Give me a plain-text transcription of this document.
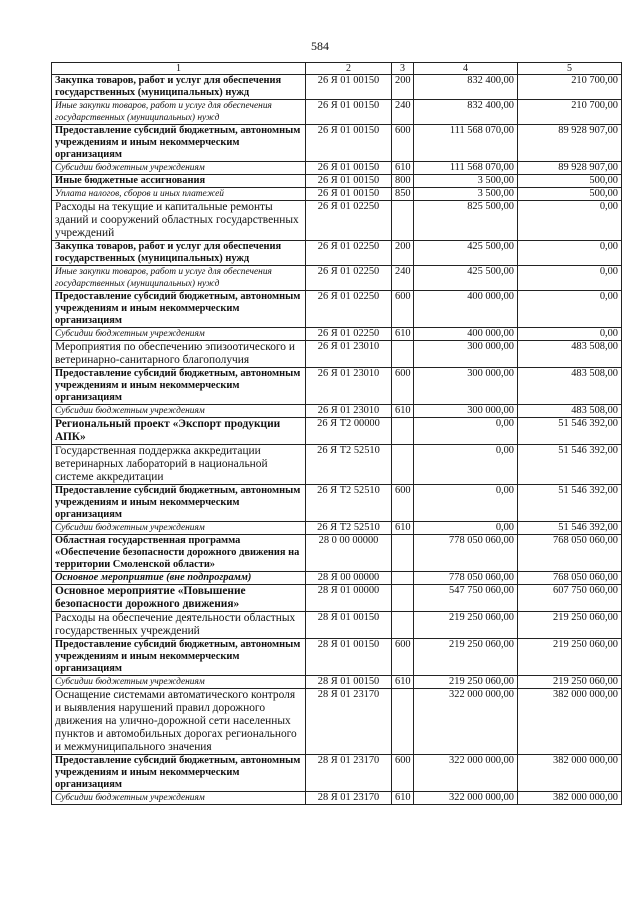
584
1	2	3	4	5
Закупка товаров, работ и услуг для обеспечения государственных (муниципальных) нужд	26 Я 01 00150	200	832 400,00	210 700,00
Иные закупки товаров, работ и услуг для обеспечения государственных (муниципальных) нужд	26 Я 01 00150	240	832 400,00	210 700,00
Предоставление субсидий бюджетным, автономным учреждениям и иным некоммерческим организациям	26 Я 01 00150	600	111 568 070,00	89 928 907,00
Субсидии бюджетным учреждениям	26 Я 01 00150	610	111 568 070,00	89 928 907,00
Иные бюджетные ассигнования	26 Я 01 00150	800	3 500,00	500,00
Уплата налогов, сборов и иных платежей	26 Я 01 00150	850	3 500,00	500,00
Расходы на текущие и капитальные ремонты зданий и сооружений областных государственных учреждений	26 Я 01 02250		825 500,00	0,00
Закупка товаров, работ и услуг для обеспечения государственных (муниципальных) нужд	26 Я 01 02250	200	425 500,00	0,00
Иные закупки товаров, работ и услуг для обеспечения государственных (муниципальных) нужд	26 Я 01 02250	240	425 500,00	0,00
Предоставление субсидий бюджетным, автономным учреждениям и иным некоммерческим организациям	26 Я 01 02250	600	400 000,00	0,00
Субсидии бюджетным учреждениям	26 Я 01 02250	610	400 000,00	0,00
Мероприятия по обеспечению эпизоотического и ветеринарно-санитарного благополучия	26 Я 01 23010		300 000,00	483 508,00
Предоставление субсидий бюджетным, автономным учреждениям и иным некоммерческим организациям	26 Я 01 23010	600	300 000,00	483 508,00
Субсидии бюджетным учреждениям	26 Я 01 23010	610	300 000,00	483 508,00
Региональный проект «Экспорт продукции АПК»	26 Я Т2 00000		0,00	51 546 392,00
Государственная поддержка аккредитации ветеринарных лабораторий в национальной системе аккредитации	26 Я Т2 52510		0,00	51 546 392,00
Предоставление субсидий бюджетным, автономным учреждениям и иным некоммерческим организациям	26 Я Т2 52510	600	0,00	51 546 392,00
Субсидии бюджетным учреждениям	26 Я Т2 52510	610	0,00	51 546 392,00
Областная государственная программа «Обеспечение безопасности дорожного движения на территории Смоленской области»	28 0 00 00000		778 050 060,00	768 050 060,00
Основное мероприятие (вне подпрограмм)	28 Я 00 00000		778 050 060,00	768 050 060,00
Основное мероприятие «Повышение безопасности дорожного движения»	28 Я 01 00000		547 750 060,00	607 750 060,00
Расходы на обеспечение деятельности областных государственных учреждений	28 Я 01 00150		219 250 060,00	219 250 060,00
Предоставление субсидий бюджетным, автономным учреждениям и иным некоммерческим организациям	28 Я 01 00150	600	219 250 060,00	219 250 060,00
Субсидии бюджетным учреждениям	28 Я 01 00150	610	219 250 060,00	219 250 060,00
Оснащение системами автоматического контроля и выявления нарушений правил дорожного движения на улично-дорожной сети населенных пунктов и автомобильных дорогах регионального и межмуниципального значения	28 Я 01 23170		322 000 000,00	382 000 000,00
Предоставление субсидий бюджетным, автономным учреждениям и иным некоммерческим организациям	28 Я 01 23170	600	322 000 000,00	382 000 000,00
Субсидии бюджетным учреждениям	28 Я 01 23170	610	322 000 000,00	382 000 000,00
